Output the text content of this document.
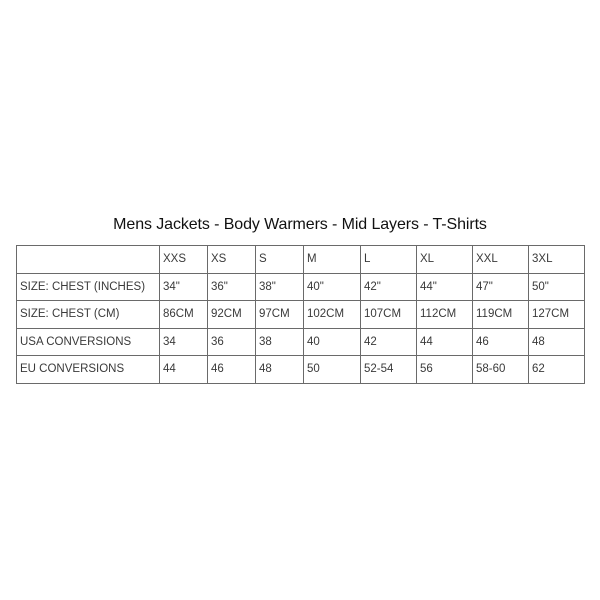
Mens Jackets - Body Warmers - Mid Layers - T-Shirts
	XXS	XS	S	M	L	XL	XXL	3XL
SIZE: CHEST (INCHES)	34"	36"	38"	40"	42"	44"	47"	50"
SIZE: CHEST (CM)	86CM	92CM	97CM	102CM	107CM	112CM	119CM	127CM
USA CONVERSIONS	34	36	38	40	42	44	46	48
EU CONVERSIONS	44	46	48	50	52-54	56	58-60	62
